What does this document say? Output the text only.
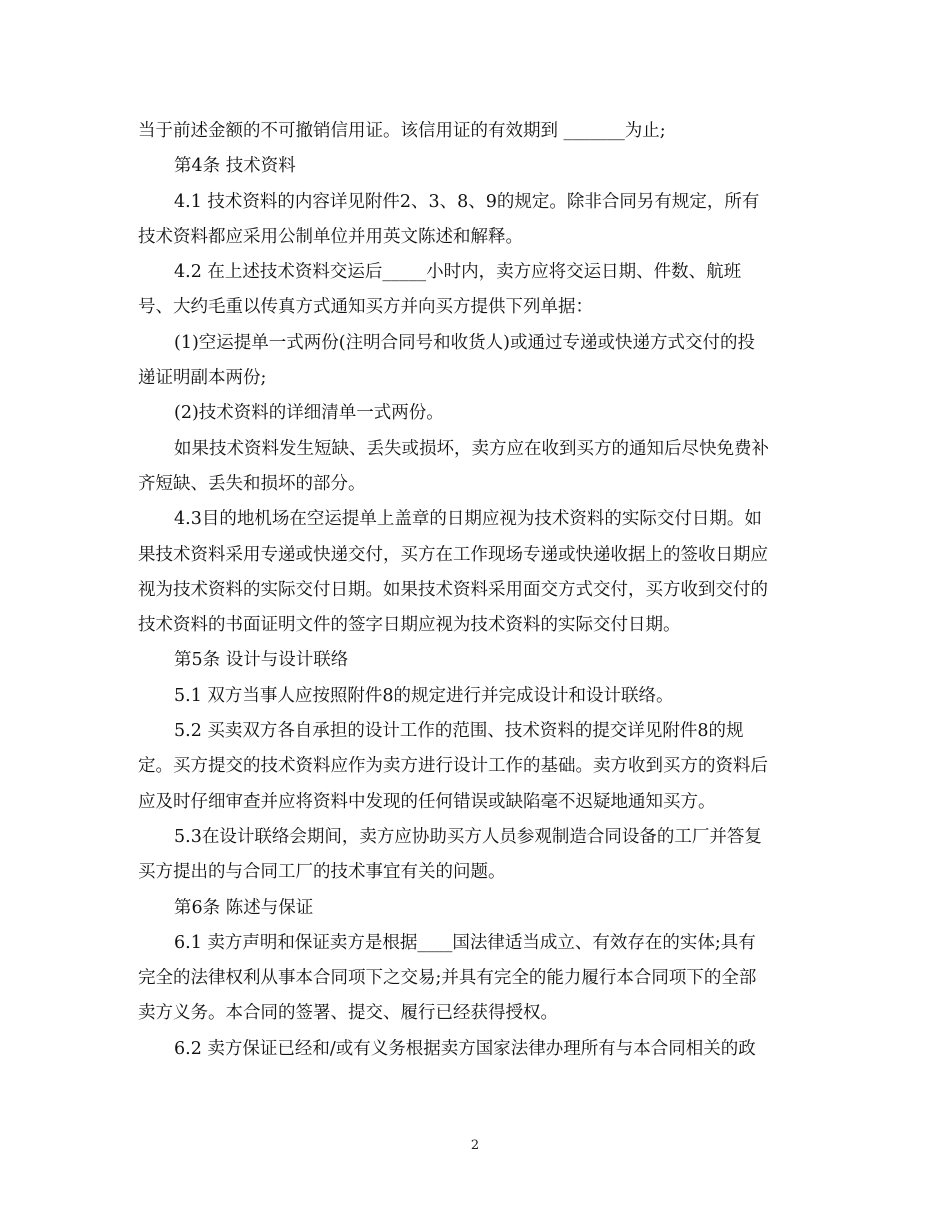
当于前述金额的不可撤销信用证。该信用证的有效期到 _______为止;
第4条 技术资料
4.1 技术资料的内容详见附件2、3、8、9的规定。除非合同另有规定，所有
技术资料都应采用公制单位并用英文陈述和解释。
4.2 在上述技术资料交运后_____小时内，卖方应将交运日期、件数、航班
号、大约毛重以传真方式通知买方并向买方提供下列单据：
(1)空运提单一式两份(注明合同号和收货人)或通过专递或快递方式交付的投
递证明副本两份;
(2)技术资料的详细清单一式两份。
如果技术资料发生短缺、丢失或损坏，卖方应在收到买方的通知后尽快免费补
齐短缺、丢失和损坏的部分。
4.3目的地机场在空运提单上盖章的日期应视为技术资料的实际交付日期。如
果技术资料采用专递或快递交付，买方在工作现场专递或快递收据上的签收日期应
视为技术资料的实际交付日期。如果技术资料采用面交方式交付，买方收到交付的
技术资料的书面证明文件的签字日期应视为技术资料的实际交付日期。
第5条 设计与设计联络
5.1 双方当事人应按照附件8的规定进行并完成设计和设计联络。
5.2 买卖双方各自承担的设计工作的范围、技术资料的提交详见附件8的规
定。买方提交的技术资料应作为卖方进行设计工作的基础。卖方收到买方的资料后
应及时仔细审查并应将资料中发现的任何错误或缺陷毫不迟疑地通知买方。
5.3在设计联络会期间，卖方应协助买方人员参观制造合同设备的工厂并答复
买方提出的与合同工厂的技术事宜有关的问题。
第6条 陈述与保证
6.1 卖方声明和保证卖方是根据____国法律适当成立、有效存在的实体;具有
完全的法律权利从事本合同项下之交易;并具有完全的能力履行本合同项下的全部
卖方义务。本合同的签署、提交、履行已经获得授权。
6.2 卖方保证已经和/或有义务根据卖方国家法律办理所有与本合同相关的政
2
